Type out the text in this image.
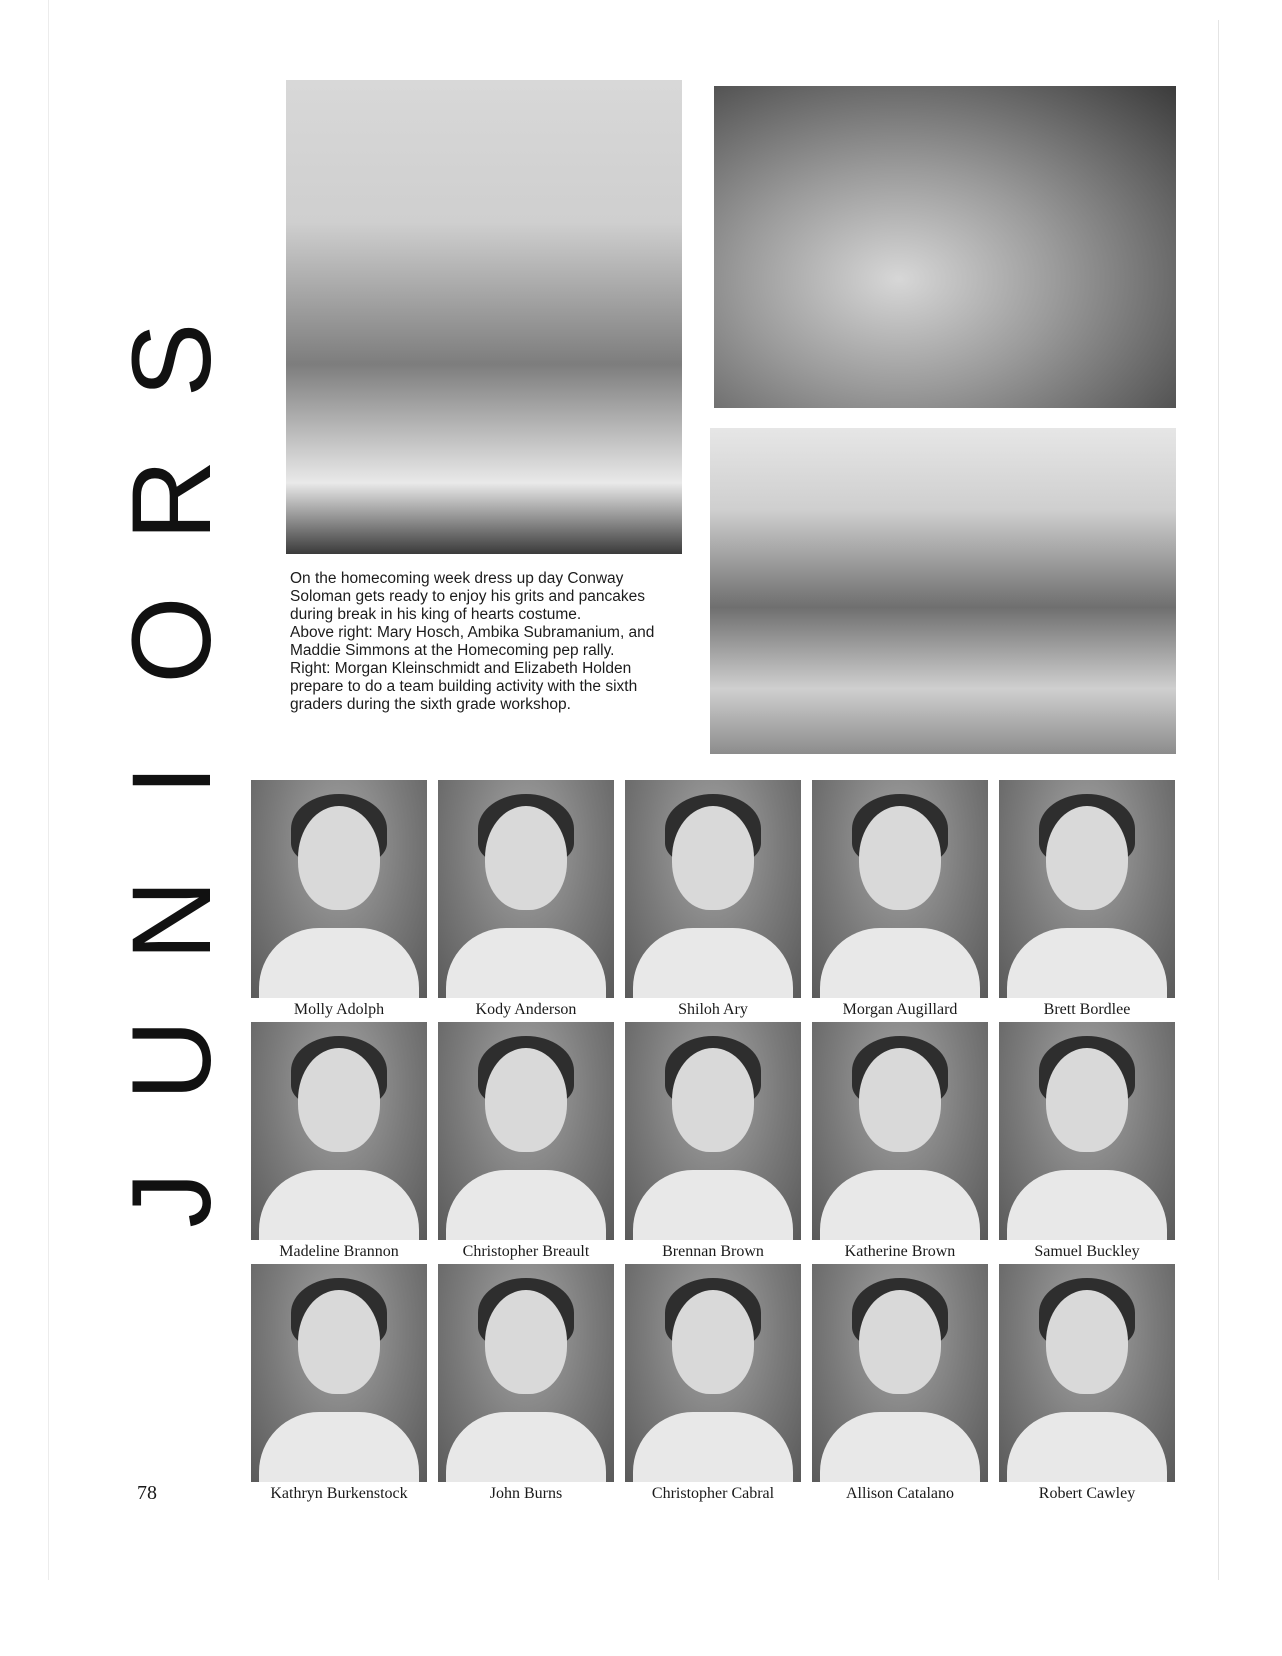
J
U
N
I
O
R
S

On the homecoming week dress up day Conway Soloman gets ready to enjoy his grits and pancakes during break in his king of hearts costume.

Above right: Mary Hosch, Ambika Subramanium, and Maddie Simmons at the Homecoming pep rally.

Right: Morgan Kleinschmidt and Elizabeth Holden prepare to do a team building activity with the sixth graders during the sixth grade workshop.

Molly Adolph	Kody Anderson	Shiloh Ary	Morgan Augillard	Brett Bordlee
Madeline Brannon	Christopher Breault	Brennan Brown	Katherine Brown	Samuel Buckley
Kathryn Burkenstock	John Burns	Christopher Cabral	Allison Catalano	Robert Cawley
78
